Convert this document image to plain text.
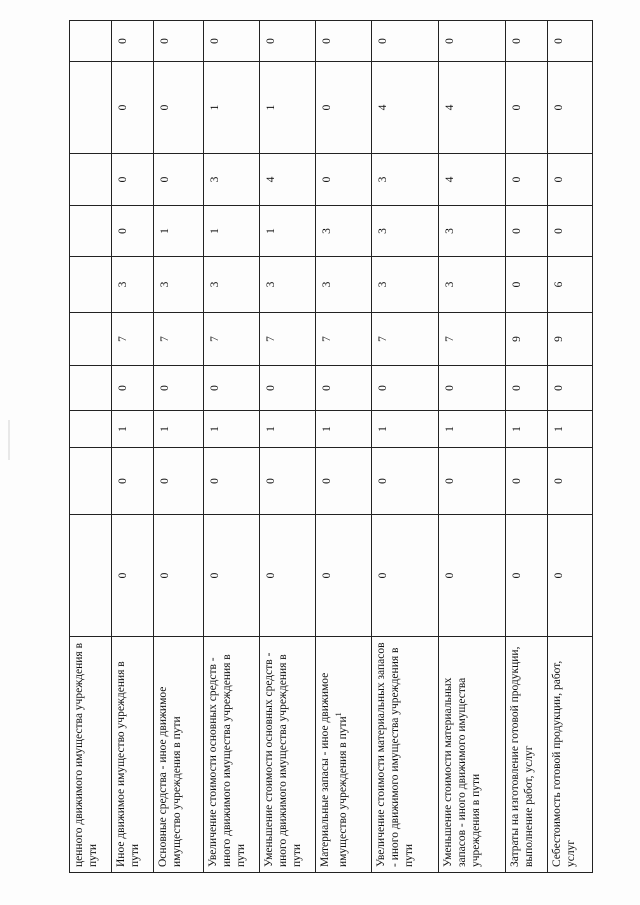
ценного движимого имущества учреждения в пути										
Иное движимое имущество учреждения в пути	0	0	1	0	7	3	0	0	0	0
Основные средства - иное движимое имущество учреждения в пути	0	0	1	0	7	3	1	0	0	0
Увеличение стоимости основных средств - иного движимого имущества учреждения в пути	0	0	1	0	7	3	1	3	1	0
Уменьшение стоимости основных средств - иного движимого имущества учреждения в пути	0	0	1	0	7	3	1	4	1	0
Материальные запасы - иное движимое имущество учреждения в пути$^1$	0	0	1	0	7	3	3	0	0	0
Увеличение стоимости материальных запасов - иного движимого имущества учреждения в пути	0	0	1	0	7	3	3	3	4	0
Уменьшение стоимости материальных запасов - иного движимого имущества учреждения в пути	0	0	1	0	7	3	3	4	4	0
Затраты на изготовление готовой продукции, выполнение работ, услуг	0	0	1	0	9	0	0	0	0	0
Себестоимость готовой продукции, работ, услуг	0	0	1	0	9	6	0	0	0	0
